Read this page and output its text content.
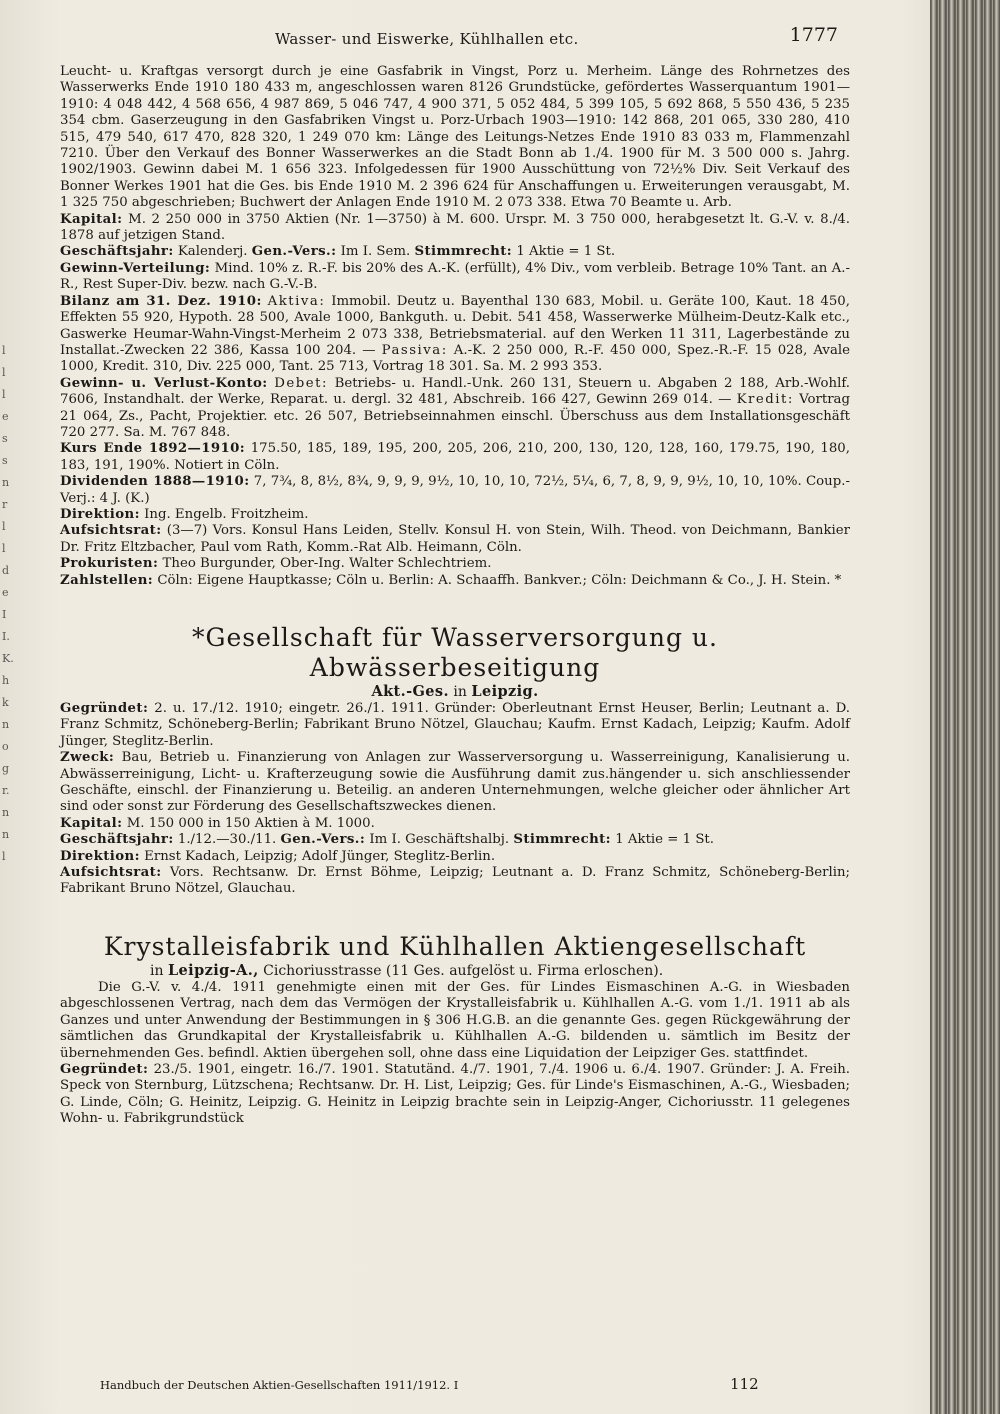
l
l
l
e
s
s
n
r
l
l
d
e
I
I.
K.
h
k
n
o
g
r.
n
n
l
Wasser- und Eiswerke, Kühlhallen etc.	1777

Leucht- u. Kraftgas versorgt durch je eine Gasfabrik in Vingst, Porz u. Merheim. Länge des Rohrnetzes des Wasserwerks Ende 1910 180 433 m, angeschlossen waren 8126 Grundstücke, gefördertes Wasserquantum 1901—1910: 4 048 442, 4 568 656, 4 987 869, 5 046 747, 4 900 371, 5 052 484, 5 399 105, 5 692 868, 5 550 436, 5 235 354 cbm. Gaserzeugung in den Gasfabriken Vingst u. Porz-Urbach 1903—1910: 142 868, 201 065, 330 280, 410 515, 479 540, 617 470, 828 320, 1 249 070 km: Länge des Leitungs-Netzes Ende 1910 83 033 m, Flammenzahl 7210. Über den Verkauf des Bonner Wasserwerkes an die Stadt Bonn ab 1./4. 1900 für M. 3 500 000 s. Jahrg. 1902/1903. Gewinn dabei M. 1 656 323. Infolgedessen für 1900 Ausschüttung von 72½% Div. Seit Verkauf des Bonner Werkes 1901 hat die Ges. bis Ende 1910 M. 2 396 624 für Anschaffungen u. Erweiterungen verausgabt, M. 1 325 750 abgeschrieben; Buchwert der Anlagen Ende 1910 M. 2 073 338. Etwa 70 Beamte u. Arb.

Kapital: M. 2 250 000 in 3750 Aktien (Nr. 1—3750) à M. 600. Urspr. M. 3 750 000, herabgesetzt lt. G.-V. v. 8./4. 1878 auf jetzigen Stand.

Geschäftsjahr: Kalenderj. Gen.-Vers.: Im I. Sem. Stimmrecht: 1 Aktie = 1 St.

Gewinn-Verteilung: Mind. 10% z. R.-F. bis 20% des A.-K. (erfüllt), 4% Div., vom verbleib. Betrage 10% Tant. an A.-R., Rest Super-Div. bezw. nach G.-V.-B.

Bilanz am 31. Dez. 1910: Aktiva: Immobil. Deutz u. Bayenthal 130 683, Mobil. u. Geräte 100, Kaut. 18 450, Effekten 55 920, Hypoth. 28 500, Avale 1000, Bankguth. u. Debit. 541 458, Wasserwerke Mülheim-Deutz-Kalk etc., Gaswerke Heumar-Wahn-Vingst-Merheim 2 073 338, Betriebsmaterial. auf den Werken 11 311, Lagerbestände zu Installat.-Zwecken 22 386, Kassa 100 204. — Passiva: A.-K. 2 250 000, R.-F. 450 000, Spez.-R.-F. 15 028, Avale 1000, Kredit. 310, Div. 225 000, Tant. 25 713, Vortrag 18 301. Sa. M. 2 993 353.

Gewinn- u. Verlust-Konto: Debet: Betriebs- u. Handl.-Unk. 260 131, Steuern u. Abgaben 2 188, Arb.-Wohlf. 7606, Instandhalt. der Werke, Reparat. u. dergl. 32 481, Abschreib. 166 427, Gewinn 269 014. — Kredit: Vortrag 21 064, Zs., Pacht, Projektier. etc. 26 507, Betriebseinnahmen einschl. Überschuss aus dem Installationsgeschäft 720 277. Sa. M. 767 848.

Kurs Ende 1892—1910: 175.50, 185, 189, 195, 200, 205, 206, 210, 200, 130, 120, 128, 160, 179.75, 190, 180, 183, 191, 190%. Notiert in Cöln.

Dividenden 1888—1910: 7, 7¾, 8, 8½, 8¾, 9, 9, 9, 9½, 10, 10, 10, 72½, 5¼, 6, 7, 8, 9, 9, 9½, 10, 10, 10%. Coup.-Verj.: 4 J. (K.)

Direktion: Ing. Engelb. Froitzheim.

Aufsichtsrat: (3—7) Vors. Konsul Hans Leiden, Stellv. Konsul H. von Stein, Wilh. Theod. von Deichmann, Bankier Dr. Fritz Eltzbacher, Paul vom Rath, Komm.-Rat Alb. Heimann, Cöln.

Prokuristen: Theo Burgunder, Ober-Ing. Walter Schlechtriem.

Zahlstellen: Cöln: Eigene Hauptkasse; Cöln u. Berlin: A. Schaaffh. Bankver.; Cöln: Deichmann & Co., J. H. Stein. *

*Gesellschaft für Wasserversorgung u. Abwässerbeseitigung

Akt.-Ges. in Leipzig.

Gegründet: 2. u. 17./12. 1910; eingetr. 26./1. 1911. Gründer: Oberleutnant Ernst Heuser, Berlin; Leutnant a. D. Franz Schmitz, Schöneberg-Berlin; Fabrikant Bruno Nötzel, Glauchau; Kaufm. Ernst Kadach, Leipzig; Kaufm. Adolf Jünger, Steglitz-Berlin.

Zweck: Bau, Betrieb u. Finanzierung von Anlagen zur Wasserversorgung u. Wasserreinigung, Kanalisierung u. Abwässerreinigung, Licht- u. Krafterzeugung sowie die Ausführung damit zus.hängender u. sich anschliessender Geschäfte, einschl. der Finanzierung u. Beteilig. an anderen Unternehmungen, welche gleicher oder ähnlicher Art sind oder sonst zur Förderung des Gesellschaftszweckes dienen.

Kapital: M. 150 000 in 150 Aktien à M. 1000.

Geschäftsjahr: 1./12.—30./11. Gen.-Vers.: Im I. Geschäftshalbj. Stimmrecht: 1 Aktie = 1 St.

Direktion: Ernst Kadach, Leipzig; Adolf Jünger, Steglitz-Berlin.

Aufsichtsrat: Vors. Rechtsanw. Dr. Ernst Böhme, Leipzig; Leutnant a. D. Franz Schmitz, Schöneberg-Berlin; Fabrikant Bruno Nötzel, Glauchau.

Krystalleisfabrik und Kühlhallen Aktiengesellschaft

in Leipzig-A., Cichoriusstrasse (11 Ges. aufgelöst u. Firma erloschen).

Die G.-V. v. 4./4. 1911 genehmigte einen mit der Ges. für Lindes Eismaschinen A.-G. in Wiesbaden abgeschlossenen Vertrag, nach dem das Vermögen der Krystalleisfabrik u. Kühlhallen A.-G. vom 1./1. 1911 ab als Ganzes und unter Anwendung der Bestimmungen in § 306 H.G.B. an die genannte Ges. gegen Rückgewährung der sämtlichen das Grundkapital der Krystalleisfabrik u. Kühlhallen A.-G. bildenden u. sämtlich im Besitz der übernehmenden Ges. befindl. Aktien übergehen soll, ohne dass eine Liquidation der Leipziger Ges. stattfindet.

Gegründet: 23./5. 1901, eingetr. 16./7. 1901. Statutänd. 4./7. 1901, 7./4. 1906 u. 6./4. 1907. Gründer: J. A. Freih. Speck von Sternburg, Lützschena; Rechtsanw. Dr. H. List, Leipzig; Ges. für Linde's Eismaschinen, A.-G., Wiesbaden; G. Linde, Cöln; G. Heinitz, Leipzig. G. Heinitz in Leipzig brachte sein in Leipzig-Anger, Cichoriusstr. 11 gelegenes Wohn- u. Fabrikgrundstück

Handbuch der Deutschen Aktien-Gesellschaften 1911/1912. I	112
